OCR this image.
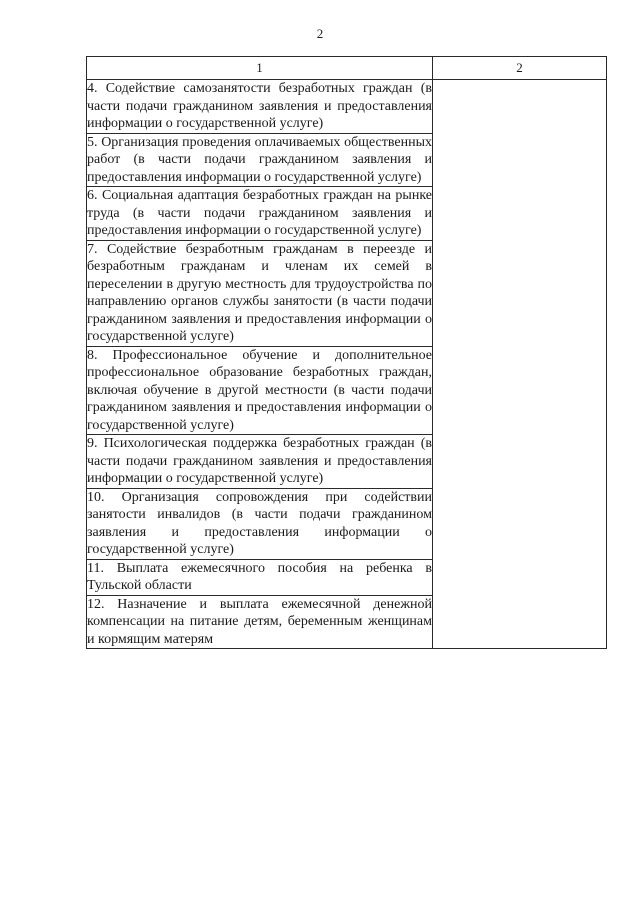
2
1	2
4. Содействие самозанятости безработных граждан (в части подачи гражданином заявления и предоставления информации о государственной услуге)	
5. Организация проведения оплачиваемых общественных работ (в части подачи гражданином заявления и предоставления информации о государственной услуге)	
6. Социальная адаптация безработных граждан на рынке труда (в части подачи гражданином заявления и предоставления информации о государственной услуге)	
7. Содействие безработным гражданам в переезде и безработным гражданам и членам их семей в переселении в другую местность для трудоустройства по направлению органов службы занятости (в части подачи гражданином заявления и предоставления информации о государственной услуге)	
8. Профессиональное обучение и дополнительное профессиональное образование безработных граждан, включая обучение в другой местности (в части подачи гражданином заявления и предоставления информации о государственной услуге)	
9. Психологическая поддержка безработных граждан (в части подачи гражданином заявления и предоставления информации о государственной услуге)	
10. Организация сопровождения при содействии занятости инвалидов (в части подачи гражданином заявления и предоставления информации о государственной услуге)	
11. Выплата ежемесячного пособия на ребенка в Тульской области	
12. Назначение и выплата ежемесячной денежной компенсации на питание детям, беременным женщинам и кормящим матерям	
